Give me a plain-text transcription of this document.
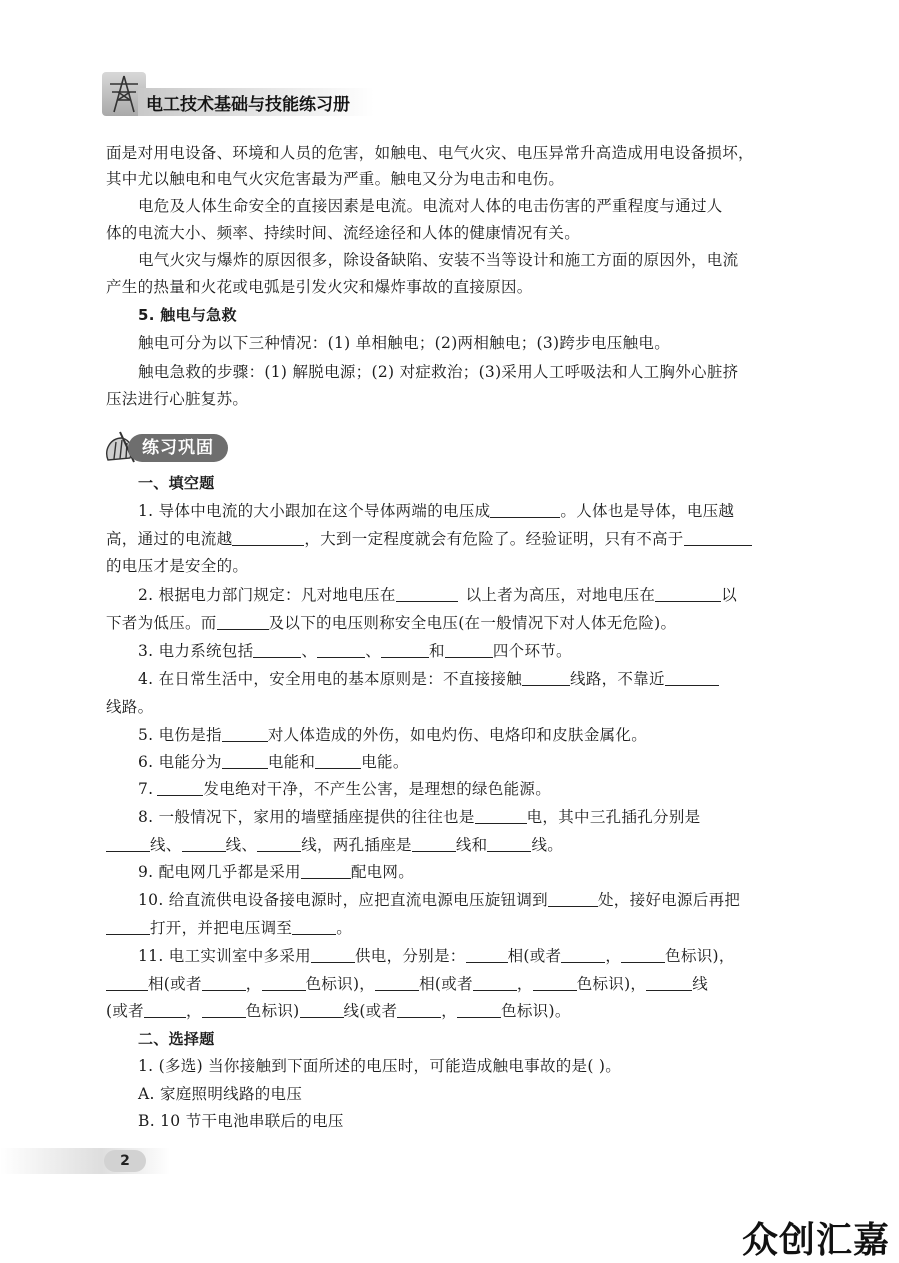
电工技术基础与技能练习册
面是对用电设备、环境和人员的危害，如触电、电气火灾、电压异常升高造成用电设备损坏，
其中尤以触电和电气火灾危害最为严重。触电又分为电击和电伤。
电危及人体生命安全的直接因素是电流。电流对人体的电击伤害的严重程度与通过人
体的电流大小、频率、持续时间、流经途径和人体的健康情况有关。
电气火灾与爆炸的原因很多，除设备缺陷、安装不当等设计和施工方面的原因外，电流
产生的热量和火花或电弧是引发火灾和爆炸事故的直接原因。
5. 触电与急救
触电可分为以下三种情况：(1) 单相触电；(2)两相触电；(3)跨步电压触电。
触电急救的步骤：(1) 解脱电源；(2) 对症救治；(3)采用人工呼吸法和人工胸外心脏挤
压法进行心脏复苏。
练习巩固
一、填空题
1. 导体中电流的大小跟加在这个导体两端的电压成	。人体也是导体，电压越
高，通过的电流越	，大到一定程度就会有危险了。经验证明，只有不高于
的电压才是安全的。
2. 根据电力部门规定：凡对地电压在	以上者为高压，对地电压在	以
下者为低压。而	及以下的电压则称安全电压(在一般情况下对人体无危险)。
3. 电力系统包括	、	、	和	四个环节。
4. 在日常生活中，安全用电的基本原则是：不直接接触	线路，不靠近
线路。
5. 电伤是指	对人体造成的外伤，如电灼伤、电烙印和皮肤金属化。
6. 电能分为	电能和	电能。
7.	发电绝对干净，不产生公害，是理想的绿色能源。
8. 一般情况下，家用的墙壁插座提供的往往也是	电，其中三孔插孔分别是
线、	线、	线，两孔插座是	线和	线。
9. 配电网几乎都是采用	配电网。
10. 给直流供电设备接电源时，应把直流电源电压旋钮调到	处，接好电源后再把
打开，并把电压调至	。
11. 电工实训室中多采用	供电，分别是：	相(或者	，	色标识)，
相(或者	，	色标识)，	相(或者	，	色标识)，	线
(或者	，	色标识)	线(或者	，	色标识)。
二、选择题
1. (多选) 当你接触到下面所述的电压时，可能造成触电事故的是( )。
A. 家庭照明线路的电压
B. 10 节干电池串联后的电压
2
众创汇嘉
